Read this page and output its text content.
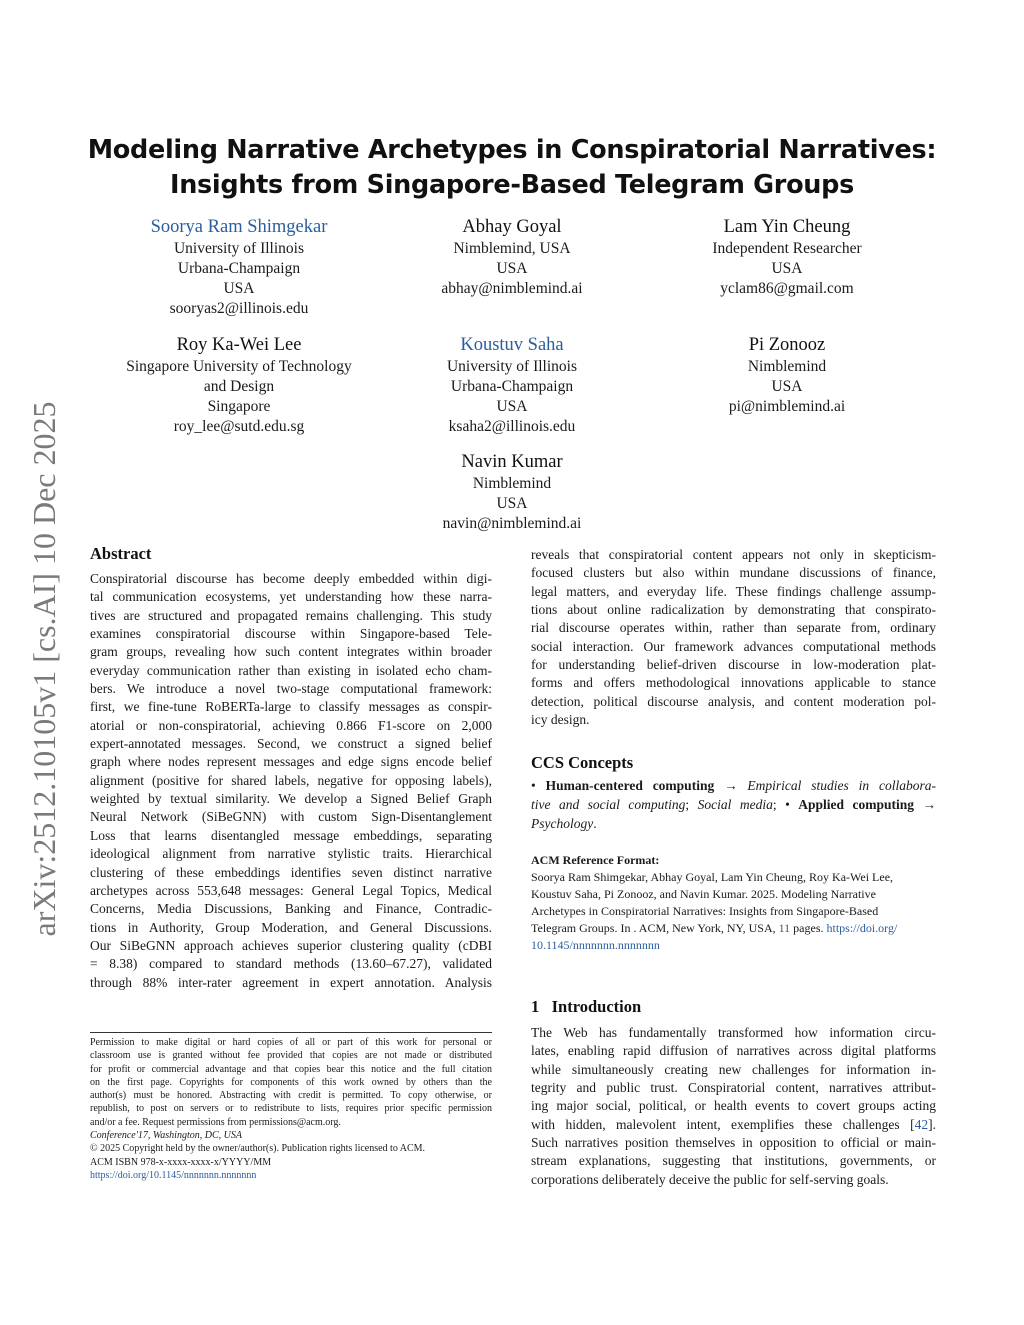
arXiv:2512.10105v1 [cs.AI] 10 Dec 2025
Modeling Narrative Archetypes in Conspiratorial Narratives:
Insights from Singapore-Based Telegram Groups
Soorya Ram Shimgekar
University of Illinois
Urbana-Champaign
USA
sooryas2@illinois.edu
Abhay Goyal
Nimblemind, USA
USA
abhay@nimblemind.ai
Lam Yin Cheung
Independent Researcher
USA
yclam86@gmail.com
Roy Ka-Wei Lee
Singapore University of Technology
and Design
Singapore
roy_lee@sutd.edu.sg
Koustuv Saha
University of Illinois
Urbana-Champaign
USA
ksaha2@illinois.edu
Pi Zonooz
Nimblemind
USA
pi@nimblemind.ai
Navin Kumar
Nimblemind
USA
navin@nimblemind.ai
Abstract
Conspiratorial discourse has become deeply embedded within digi-
tal communication ecosystems, yet understanding how these narra-
tives are structured and propagated remains challenging. This study
examines conspiratorial discourse within Singapore-based Tele-
gram groups, revealing how such content integrates within broader
everyday communication rather than existing in isolated echo cham-
bers. We introduce a novel two-stage computational framework:
first, we fine-tune RoBERTa-large to classify messages as conspir-
atorial or non-conspiratorial, achieving 0.866 F1-score on 2,000
expert-annotated messages. Second, we construct a signed belief
graph where nodes represent messages and edge signs encode belief
alignment (positive for shared labels, negative for opposing labels),
weighted by textual similarity. We develop a Signed Belief Graph
Neural Network (SiBeGNN) with custom Sign-Disentanglement
Loss that learns disentangled message embeddings, separating
ideological alignment from narrative stylistic traits. Hierarchical
clustering of these embeddings identifies seven distinct narrative
archetypes across 553,648 messages: General Legal Topics, Medical
Concerns, Media Discussions, Banking and Finance, Contradic-
tions in Authority, Group Moderation, and General Discussions.
Our SiBeGNN approach achieves superior clustering quality (cDBI
= 8.38) compared to standard methods (13.60–67.27), validated
through 88% inter-rater agreement in expert annotation. Analysis
reveals that conspiratorial content appears not only in skepticism-
focused clusters but also within mundane discussions of finance,
legal matters, and everyday life. These findings challenge assump-
tions about online radicalization by demonstrating that conspirato-
rial discourse operates within, rather than separate from, ordinary
social interaction. Our framework advances computational methods
for understanding belief-driven discourse in low-moderation plat-
forms and offers methodological innovations applicable to stance
detection, political discourse analysis, and content moderation pol-
icy design.
CCS Concepts
• Human-centered computing → Empirical studies in collabora-
tive and social computing; Social media; • Applied computing →
Psychology.
ACM Reference Format:
Soorya Ram Shimgekar, Abhay Goyal, Lam Yin Cheung, Roy Ka-Wei Lee,
Koustuv Saha, Pi Zonooz, and Navin Kumar. 2025. Modeling Narrative
Archetypes in Conspiratorial Narratives: Insights from Singapore-Based
Telegram Groups. In . ACM, New York, NY, USA, 11 pages. https://doi.org/
10.1145/nnnnnnn.nnnnnnn
1 Introduction
The Web has fundamentally transformed how information circu-
lates, enabling rapid diffusion of narratives across digital platforms
while simultaneously creating new challenges for information in-
tegrity and public trust. Conspiratorial content, narratives attribut-
ing major social, political, or health events to covert groups acting
with hidden, malevolent intent, exemplifies these challenges [42].
Such narratives position themselves in opposition to official or main-
stream explanations, suggesting that institutions, governments, or
corporations deliberately deceive the public for self-serving goals.
Permission to make digital or hard copies of all or part of this work for personal or
classroom use is granted without fee provided that copies are not made or distributed
for profit or commercial advantage and that copies bear this notice and the full citation
on the first page. Copyrights for components of this work owned by others than the
author(s) must be honored. Abstracting with credit is permitted. To copy otherwise, or
republish, to post on servers or to redistribute to lists, requires prior specific permission
and/or a fee. Request permissions from permissions@acm.org.
Conference'17, Washington, DC, USA
© 2025 Copyright held by the owner/author(s). Publication rights licensed to ACM.
ACM ISBN 978-x-xxxx-xxxx-x/YYYY/MM
https://doi.org/10.1145/nnnnnnn.nnnnnnn
